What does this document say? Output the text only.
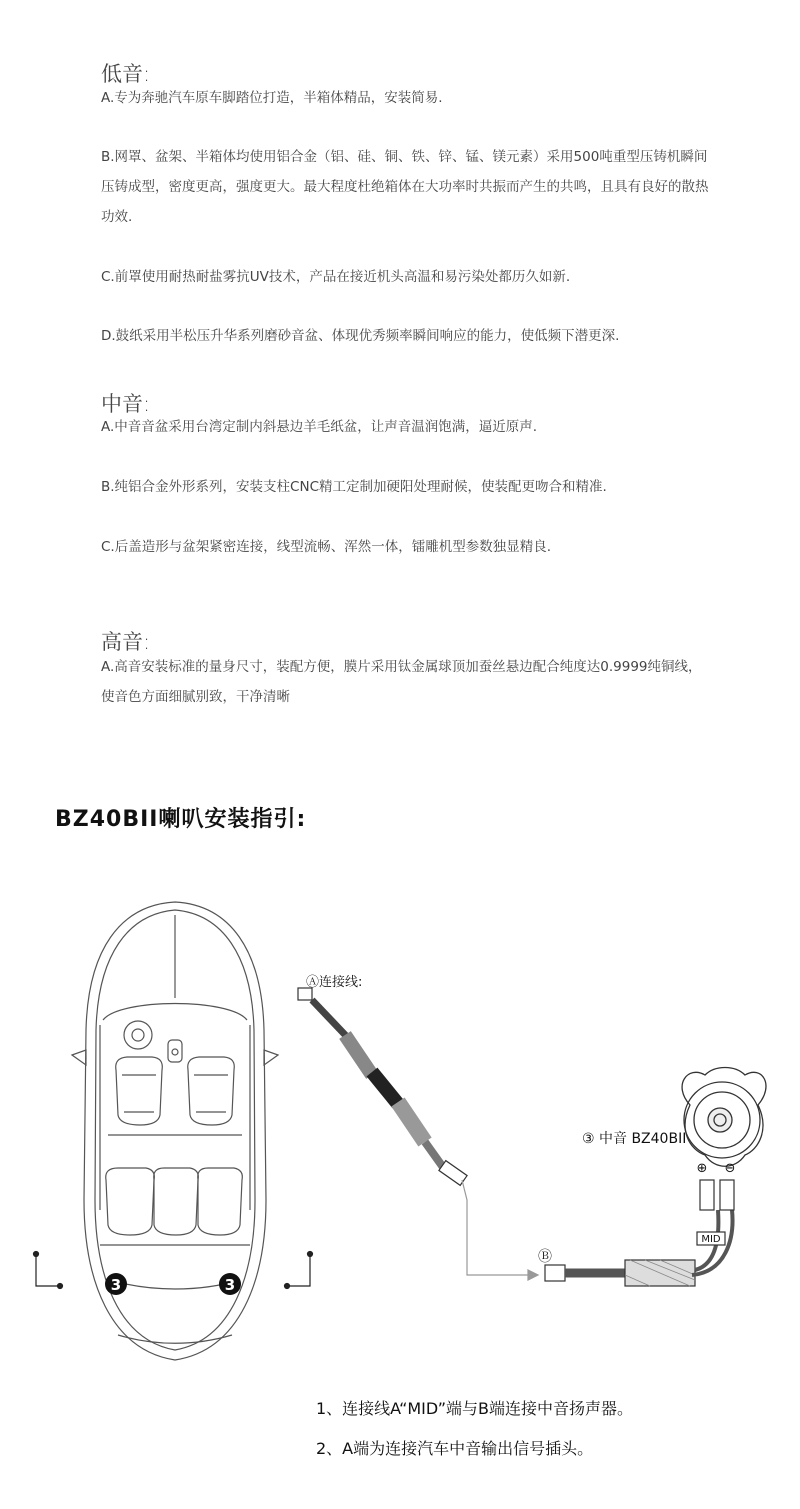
低音:
A.专为奔驰汽车原车脚踏位打造，半箱体精品，安装简易.
B.网罩、盆架、半箱体均使用铝合金（铝、硅、铜、铁、锌、锰、镁元素）采用500吨重型压铸机瞬间压铸成型，密度更高，强度更大。最大程度杜绝箱体在大功率时共振而产生的共鸣，且具有良好的散热功效.
C.前罩使用耐热耐盐雾抗UV技术，产品在接近机头高温和易污染处都历久如新.
D.鼓纸采用半松压升华系列磨砂音盆、体现优秀频率瞬间响应的能力，使低频下潜更深.
中音:
A.中音音盆采用台湾定制内斜悬边羊毛纸盆，让声音温润饱满，逼近原声.
B.纯铝合金外形系列，安装支柱CNC精工定制加硬阳处理耐候，使装配更吻合和精准.
C.后盖造形与盆架紧密连接，线型流畅、浑然一体，镭雕机型参数独显精良.
高音:
A.高音安装标准的量身尺寸，装配方便，膜片采用钛金属球顶加蚕丝悬边配合纯度达0.9999纯铜线，使音色方面细腻别致，干净清晰
BZ40BII喇叭安装指引:
3	3
MID
⊕ ⊖
Ⓐ连接线:
③ 中音 BZ40BII
Ⓑ
1、连接线A“MID”端与B端连接中音扬声器。
2、A端为连接汽车中音输出信号插头。
